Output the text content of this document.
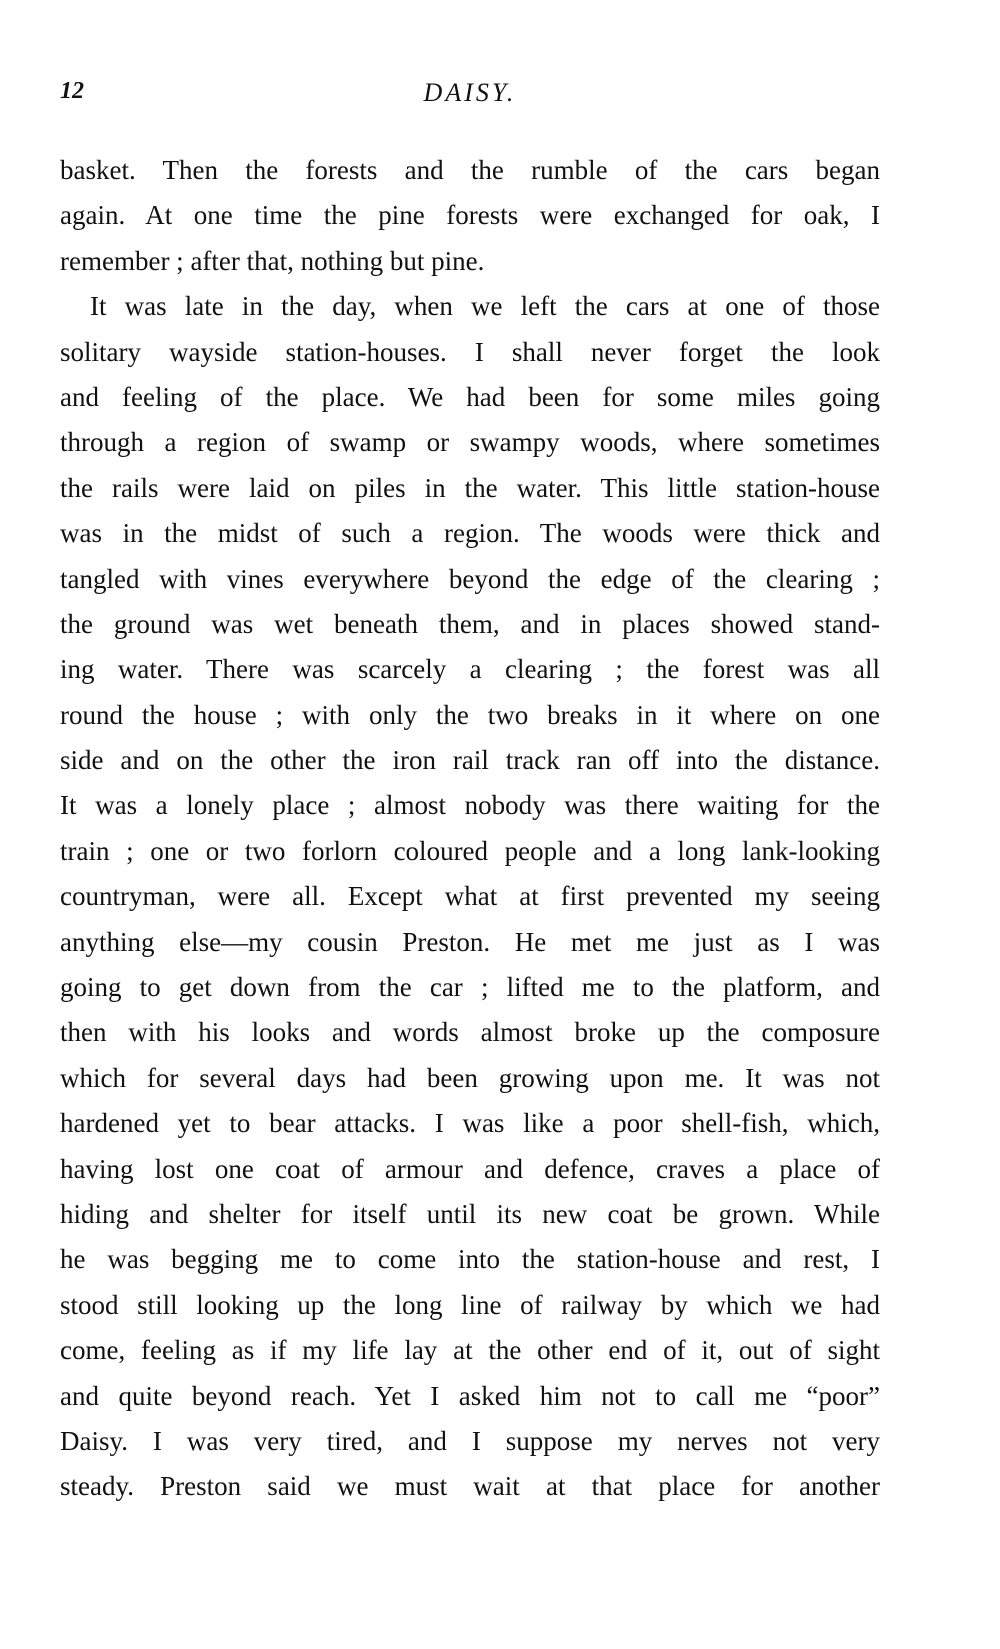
12	DAISY.
basket. Then the forests and the rumble of the cars began
again. At one time the pine forests were exchanged for oak, I
remember ; after that, nothing but pine.
It was late in the day, when we left the cars at one of those
solitary wayside station-houses. I shall never forget the look
and feeling of the place. We had been for some miles going
through a region of swamp or swampy woods, where sometimes
the rails were laid on piles in the water. This little station-house
was in the midst of such a region. The woods were thick and
tangled with vines everywhere beyond the edge of the clearing ;
the ground was wet beneath them, and in places showed stand-
ing water. There was scarcely a clearing ; the forest was all
round the house ; with only the two breaks in it where on one
side and on the other the iron rail track ran off into the distance.
It was a lonely place ; almost nobody was there waiting for the
train ; one or two forlorn coloured people and a long lank-looking
countryman, were all. Except what at first prevented my seeing
anything else—my cousin Preston. He met me just as I was
going to get down from the car ; lifted me to the platform, and
then with his looks and words almost broke up the composure
which for several days had been growing upon me. It was not
hardened yet to bear attacks. I was like a poor shell-fish, which,
having lost one coat of armour and defence, craves a place of
hiding and shelter for itself until its new coat be grown. While
he was begging me to come into the station-house and rest, I
stood still looking up the long line of railway by which we had
come, feeling as if my life lay at the other end of it, out of sight
and quite beyond reach. Yet I asked him not to call me “poor”
Daisy. I was very tired, and I suppose my nerves not very
steady. Preston said we must wait at that place for another
